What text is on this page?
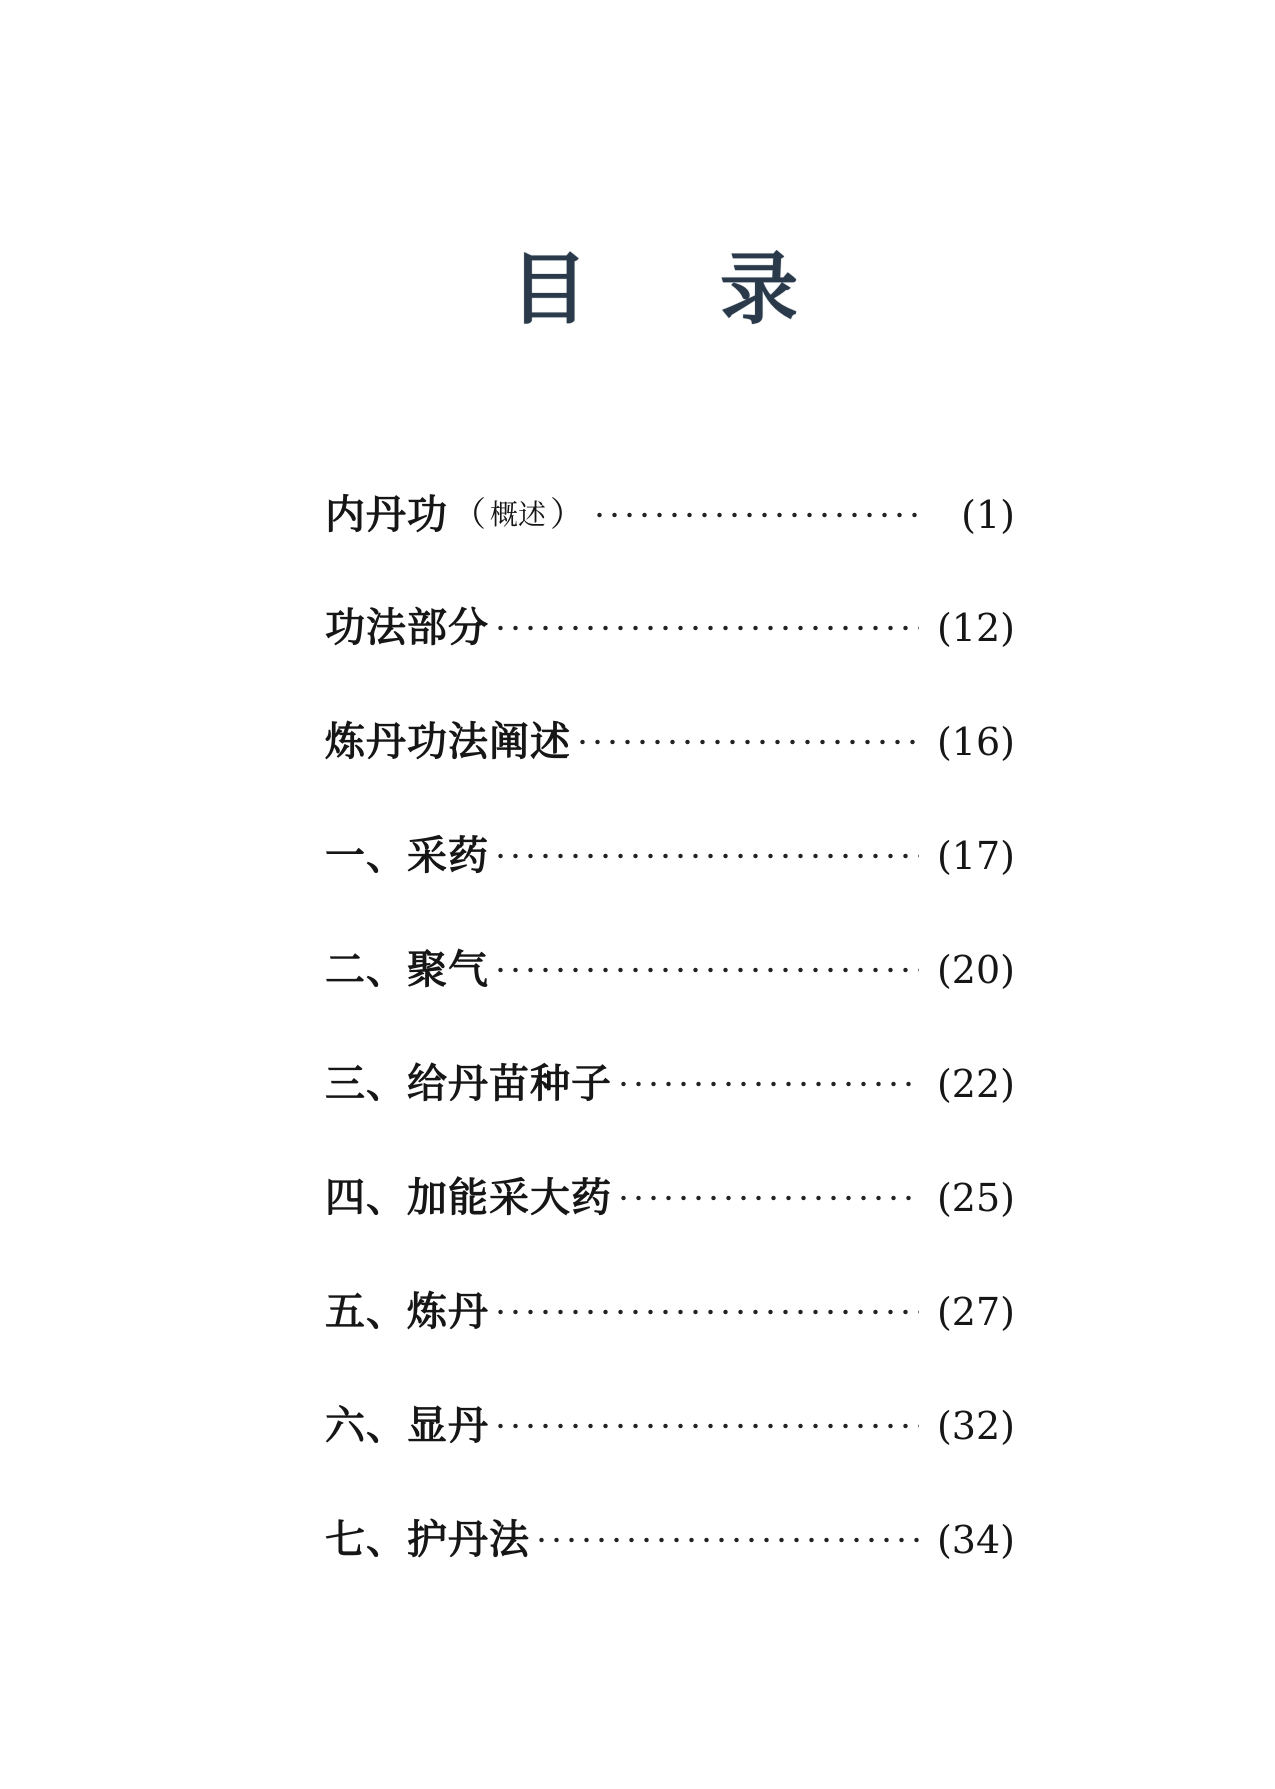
目 录
内丹功 （ 概述 ）	(1)
功法部分	(12)
炼丹功法阐述	(16)
一、采药	(17)
二、聚气	(20)
三、给丹苗种子	(22)
四、加能采大药	(25)
五、炼丹	(27)
六、显丹	(32)
七、护丹法	(34)
